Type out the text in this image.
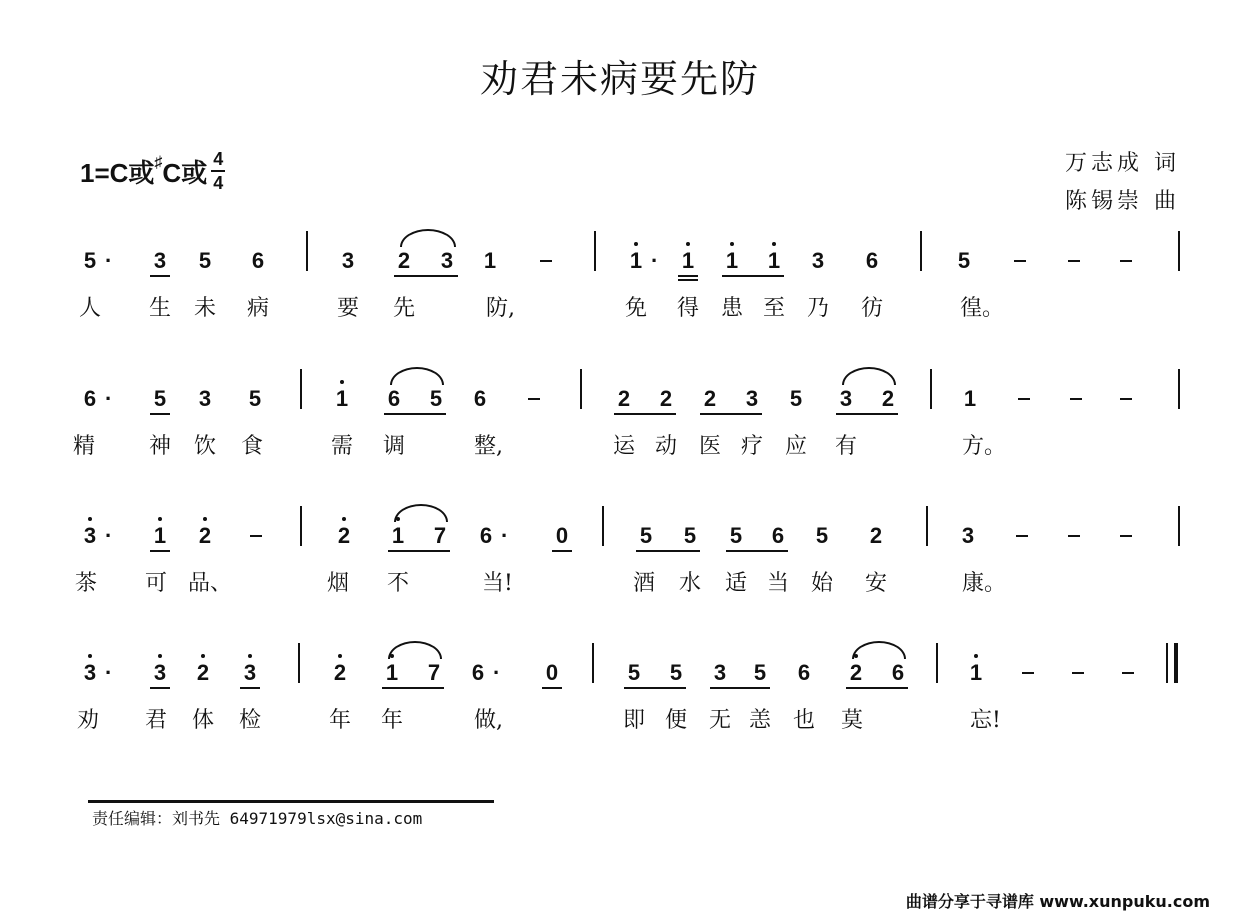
劝君未病要先防
1=C或 ♯ C或 $\frac{4}{4}$	万志成 词
陈锡崇 曲
5 · 3 5 6	3 2 3 1	1 · 1 1 1 3 6	5
人 生 未 病	要 先	防,	免 得 患 至 乃 彷	徨。
6 · 5 3 5	1 6 5 6	2 2 2 3 5 3 2	1
精 神 饮 食	需 调	整,	运 动 医 疗 应 有	方。
3 · 1 2	2 1 7 6 · 0	5 5 5 6 5 2	3
茶 可 品、	烟 不	当!	酒 水 适 当 始 安	康。
3 · 3 2 3	2 1 7 6 · 0	5 5 3 5 6 2 6	1
劝 君 体 检	年 年	做,	即 便 无 恙 也 莫	忘!
责任编辑：刘书先 64971979lsx@sina.com
曲谱分享于寻谱库 www.xunpuku.com
